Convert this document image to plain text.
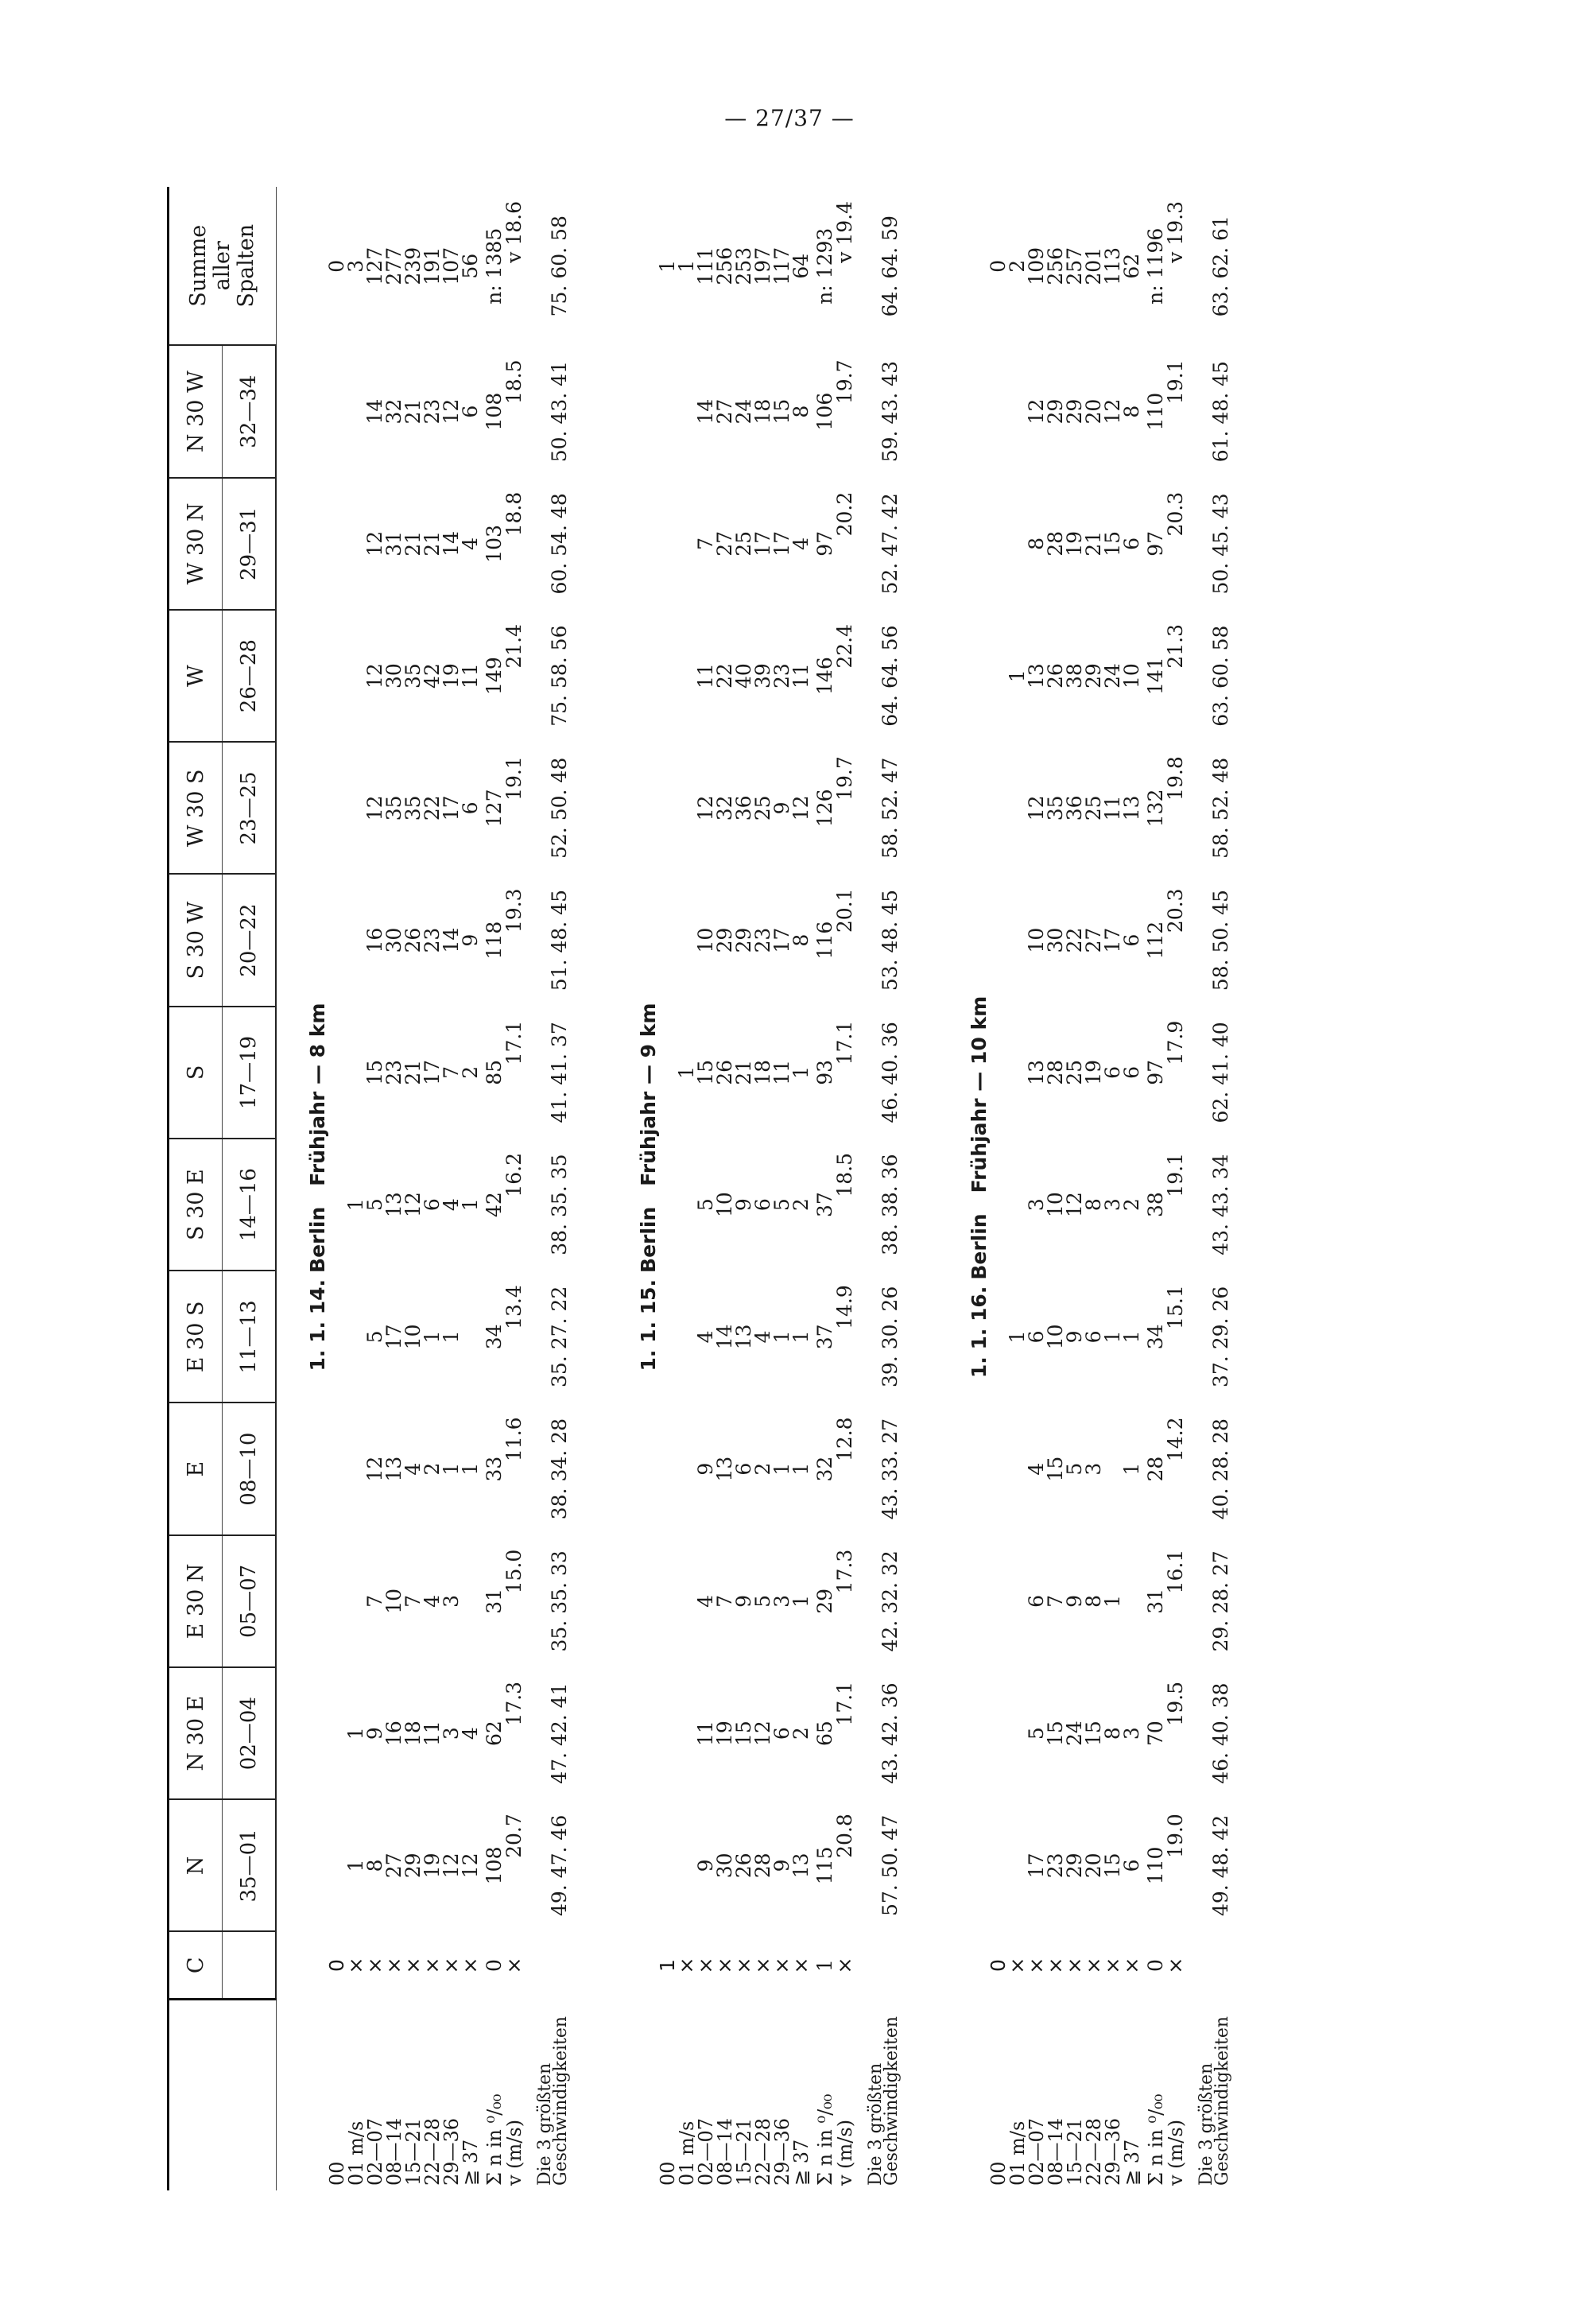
— 27/37 —
	C	N	N 30 E	E 30 N	E	E 30 S	S 30 E	S	S 30 W	W 30 S	W	W 30 N	N 30 W	Summe
aller
Spalten
		35—01	02—04	05—07	08—10	11—13	14—16	17—19	20—22	23—25	26—28	29—31	32—34	
1. 1. 14.BerlinFrühjahr — 8 km														
00	0													0
01 m/s	×	1	1				1							3
02—07	×	8	9	7	12	5	5	15	16	12	12	12	14	127
08—14	×	27	16	10	13	17	13	23	30	35	30	31	32	277
15—21	×	29	18	7	4	10	12	21	26	35	35	21	21	239
22—28	×	19	11	4	2	1	6	17	23	22	42	21	23	191
29—36	×	12	3	3	1	1	4	7	14	17	19	14	12	107
≧ 37	×	12	4		1		1	2	9	6	11	4	6	56
Σ n in ⁰/₀₀	0	108	62	31	33	34	42	85	118	127	149	103	108	n: 1385
v (m/s)	×	20.7	17.3	15.0	11.6	13.4	16.2	17.1	19.3	19.1	21.4	18.8	18.5	v 18.6

Die 3 größten
Geschwindigkeiten		49. 47. 46	47. 42. 41	35. 35. 33	38. 34. 28	35. 27. 22	38. 35. 35	41. 41. 37	51. 48. 45	52. 50. 48	75. 58. 56	60. 54. 48	50. 43. 41	75. 60. 58
1. 1. 15.BerlinFrühjahr — 9 km														
00	1													1
01 m/s	×							1						1
02—07	×	9	11	4	9	4	5	15	10	12	11	7	14	111
08—14	×	30	19	7	13	14	10	26	29	32	22	27	27	256
15—21	×	26	15	9	6	13	9	21	29	36	40	25	24	253
22—28	×	28	12	5	2	4	6	18	23	25	39	17	18	197
29—36	×	9	6	3	1	1	5	11	17	9	23	17	15	117
≧ 37	×	13	2	1	1	1	2	1	8	12	11	4	8	64
Σ n in ⁰/₀₀	1	115	65	29	32	37	37	93	116	126	146	97	106	n: 1293
v (m/s)	×	20.8	17.1	17.3	12.8	14.9	18.5	17.1	20.1	19.7	22.4	20.2	19.7	v 19.4

Die 3 größten
Geschwindigkeiten		57. 50. 47	43. 42. 36	42. 32. 32	43. 33. 27	39. 30. 26	38. 38. 36	46. 40. 36	53. 48. 45	58. 52. 47	64. 64. 56	52. 47. 42	59. 43. 43	64. 64. 59
1. 1. 16.BerlinFrühjahr — 10 km														
00	0													0
01 m/s	×					1					1			2
02—07	×	17	5	6	4	6	3	13	10	12	13	8	12	109
08—14	×	23	15	7	15	10	10	28	30	35	26	28	29	256
15—21	×	29	24	9	5	9	12	25	22	36	38	19	29	257
22—28	×	20	15	8	3	6	8	19	27	25	29	21	20	201
29—36	×	15	8	1		1	3	6	17	11	24	15	12	113
≧ 37	×	6	3		1	1	2	6	6	13	10	6	8	62
Σ n in ⁰/₀₀	0	110	70	31	28	34	38	97	112	132	141	97	110	n: 1196
v (m/s)	×	19.0	19.5	16.1	14.2	15.1	19.1	17.9	20.3	19.8	21.3	20.3	19.1	v 19.3

Die 3 größten
Geschwindigkeiten		49. 48. 42	46. 40. 38	29. 28. 27	40. 28. 28	37. 29. 26	43. 43. 34	62. 41. 40	58. 50. 45	58. 52. 48	63. 60. 58	50. 45. 43	61. 48. 45	63. 62. 61
